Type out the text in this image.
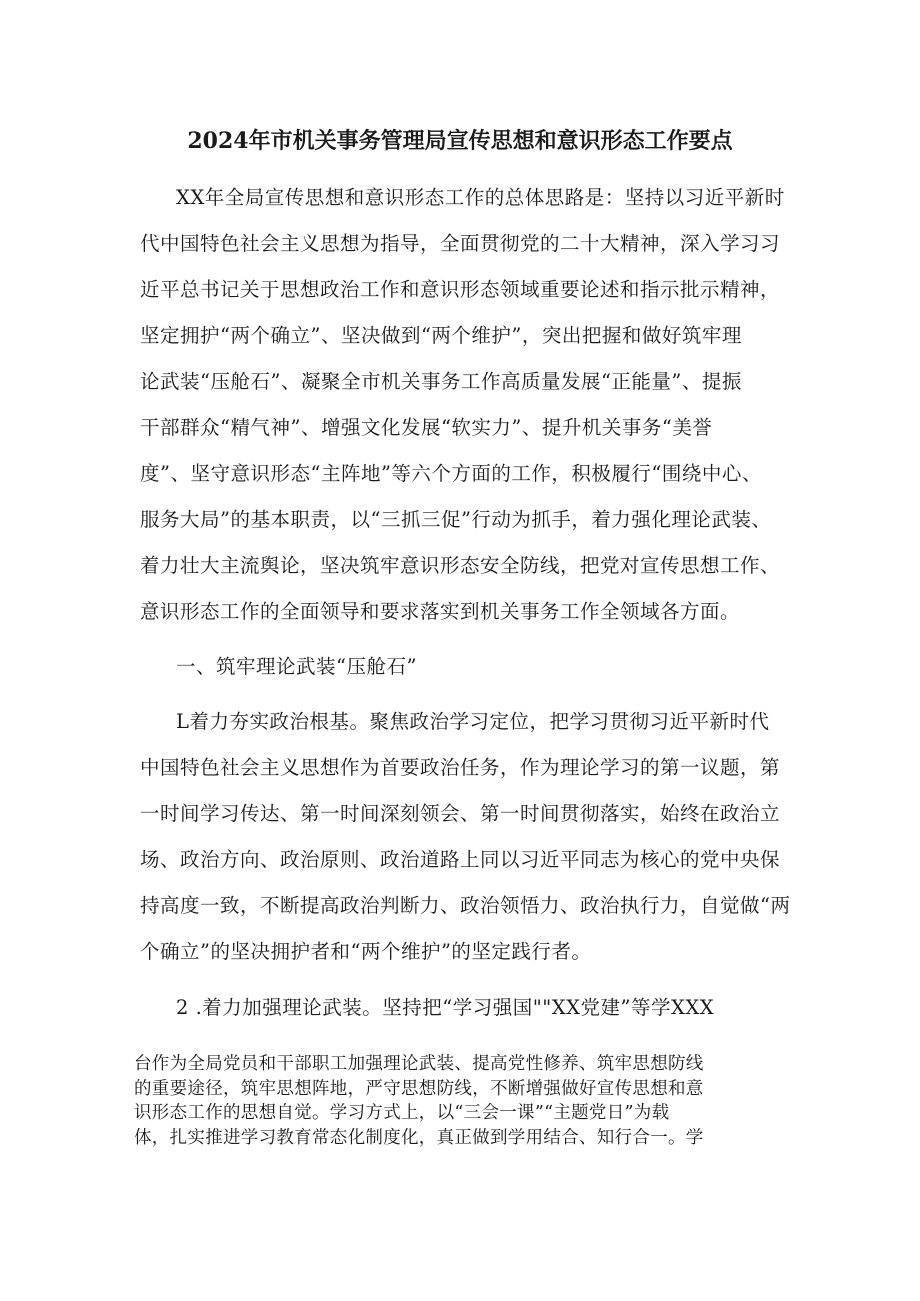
2024年市机关事务管理局宣传思想和意识形态工作要点
XX年全局宣传思想和意识形态工作的总体思路是：坚持以习近平新时
代中国特色社会主义思想为指导，全面贯彻党的二十大精神，深入学习习
近平总书记关于思想政治工作和意识形态领域重要论述和指示批示精神，
坚定拥护“两个确立”、坚决做到“两个维护”，突出把握和做好筑牢理
论武装“压舱石”、凝聚全市机关事务工作高质量发展“正能量”、提振
干部群众“精气神”、增强文化发展“软实力”、提升机关事务“美誉
度”、坚守意识形态“主阵地”等六个方面的工作，积极履行“围绕中心、
服务大局”的基本职责，以“三抓三促”行动为抓手，着力强化理论武装、
着力壮大主流舆论，坚决筑牢意识形态安全防线，把党对宣传思想工作、
意识形态工作的全面领导和要求落实到机关事务工作全领域各方面。
一、筑牢理论武装“压舱石”
L着力夯实政治根基。聚焦政治学习定位，把学习贯彻习近平新时代
中国特色社会主义思想作为首要政治任务，作为理论学习的第一议题，第
一时间学习传达、第一时间深刻领会、第一时间贯彻落实，始终在政治立
场、政治方向、政治原则、政治道路上同以习近平同志为核心的党中央保
持高度一致，不断提高政治判断力、政治领悟力、政治执行力，自觉做“两
个确立”的坚决拥护者和“两个维护”的坚定践行者。
2 .着力加强理论武装。坚持把“学习强国""XX党建”等学XXX
台作为全局党员和干部职工加强理论武装、提高党性修养、筑牢思想防线
的重要途径，筑牢思想阵地，严守思想防线，不断增强做好宣传思想和意
识形态工作的思想自觉。学习方式上，以“三会一课”“主题党日”为载
体，扎实推进学习教育常态化制度化，真正做到学用结合、知行合一。学
